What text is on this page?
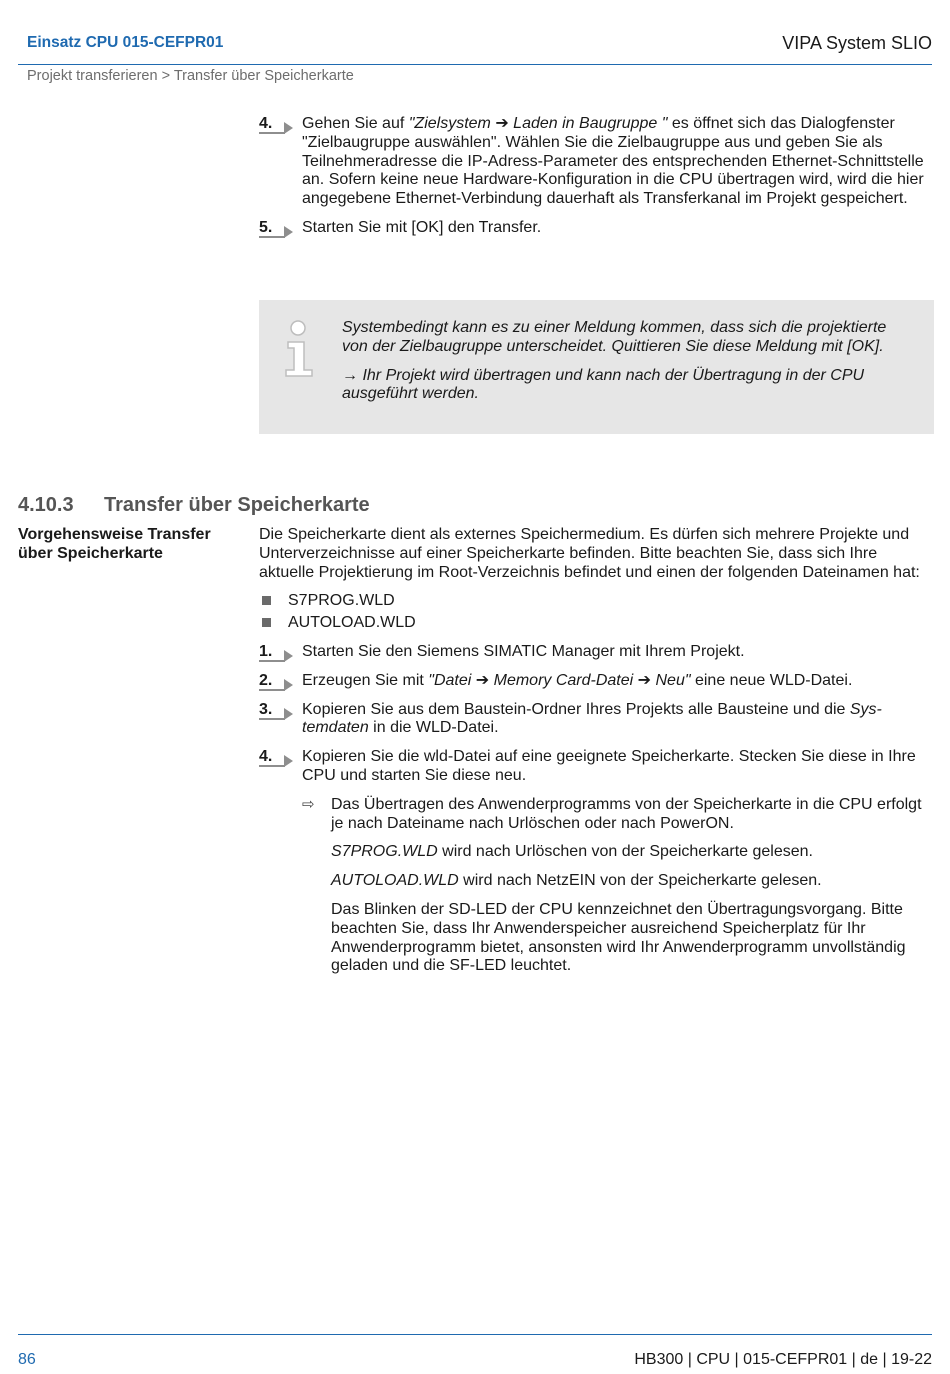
Einsatz CPU 015-CEFPR01	VIPA System SLIO
Projekt transferieren > Transfer über Speicherkarte
4. Gehen Sie auf "Zielsystem ➔ Laden in Baugruppe " es öffnet sich das Dialogfenster "Zielbaugruppe auswählen". Wählen Sie die Zielbaugruppe aus und geben Sie als Teilnehmeradresse die IP-Adress-Parameter des entsprechenden Ethernet-Schnittstelle an. Sofern keine neue Hardware-Konfiguration in die CPU übertragen wird, wird die hier angegebene Ethernet-Verbindung dauerhaft als Transferkanal im Projekt gespeichert.
5. Starten Sie mit [OK] den Transfer.

Systembedingt kann es zu einer Meldung kommen, dass sich die projektierte von der Zielbaugruppe unterscheidet. Quittieren Sie diese Meldung mit [OK].

→ Ihr Projekt wird übertragen und kann nach der Übertragung in der CPU ausgeführt werden.

4.10.3 Transfer über Speicherkarte
Vorgehensweise Transfer über Speicherkarte

Die Speicherkarte dient als externes Speichermedium. Es dürfen sich mehrere Projekte und Unterverzeichnisse auf einer Speicherkarte befinden. Bitte beachten Sie, dass sich Ihre aktuelle Projektierung im Root-Verzeichnis befindet und einen der folgenden Dateinamen hat:

S7PROG.WLD
AUTOLOAD.WLD
1. Starten Sie den Siemens SIMATIC Manager mit Ihrem Projekt.
2. Erzeugen Sie mit "Datei ➔ Memory Card-Datei ➔ Neu" eine neue WLD-Datei.
3. Kopieren Sie aus dem Baustein-Ordner Ihres Projekts alle Bausteine und die Systemdaten in die WLD-Datei.
4. Kopieren Sie die wld-Datei auf eine geeignete Speicherkarte. Stecken Sie diese in Ihre CPU und starten Sie diese neu.
⇨ Das Übertragen des Anwenderprogramms von der Speicherkarte in die CPU erfolgt je nach Dateiname nach Urlöschen oder nach PowerON.

S7PROG.WLD wird nach Urlöschen von der Speicherkarte gelesen.

AUTOLOAD.WLD wird nach NetzEIN von der Speicherkarte gelesen.

Das Blinken der SD-LED der CPU kennzeichnet den Übertragungsvorgang. Bitte beachten Sie, dass Ihr Anwenderspeicher ausreichend Speicherplatz für Ihr Anwenderprogramm bietet, ansonsten wird Ihr Anwenderprogramm unvollständig geladen und die SF-LED leuchtet.

86	HB300 | CPU | 015-CEFPR01 | de | 19-22
